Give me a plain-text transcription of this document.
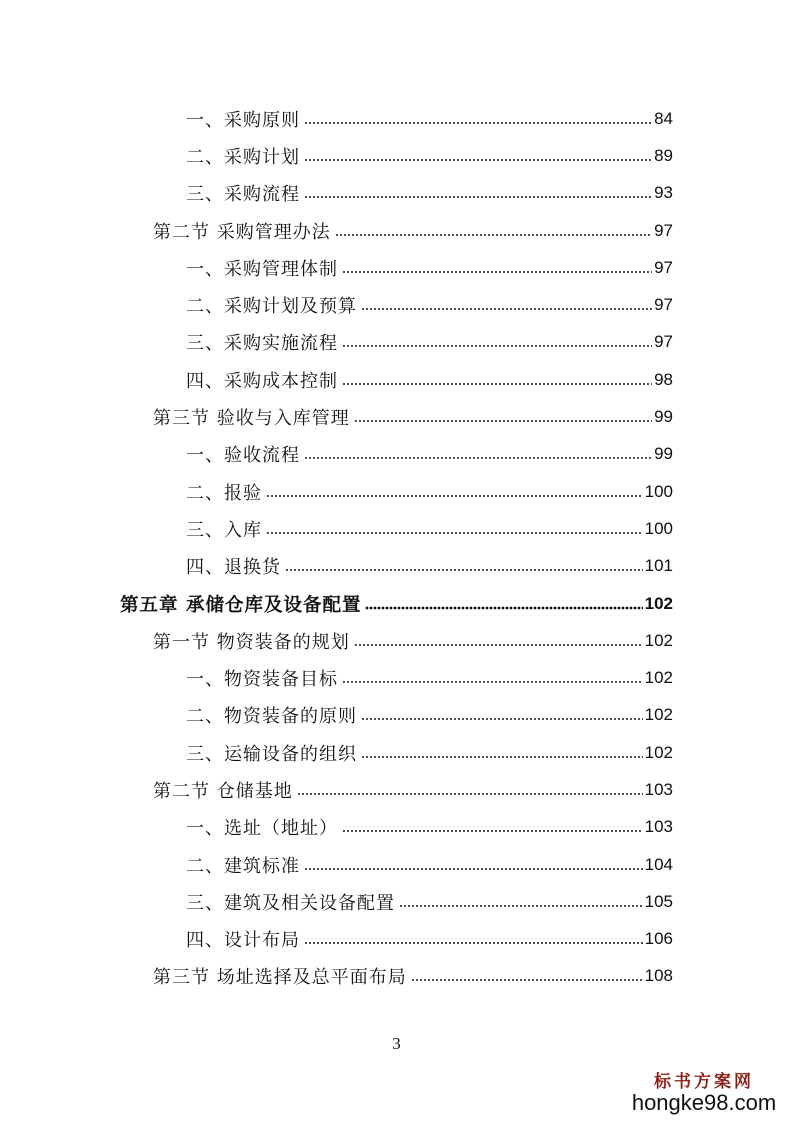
一、采购原则	84
二、采购计划	89
三、采购流程	93
第二节 采购管理办法	97
一、采购管理体制	97
二、采购计划及预算	97
三、采购实施流程	97
四、采购成本控制	98
第三节 验收与入库管理	99
一、验收流程	99
二、报验	100
三、入库	100
四、退换货	101
第五章 承储仓库及设备配置	102
第一节 物资装备的规划	102
一、物资装备目标	102
二、物资装备的原则	102
三、运输设备的组织	102
第二节 仓储基地	103
一、选址（地址）	103
二、建筑标准	104
三、建筑及相关设备配置	105
四、设计布局	106
第三节 场址选择及总平面布局	108
3
标书方案网
hongke98.com
